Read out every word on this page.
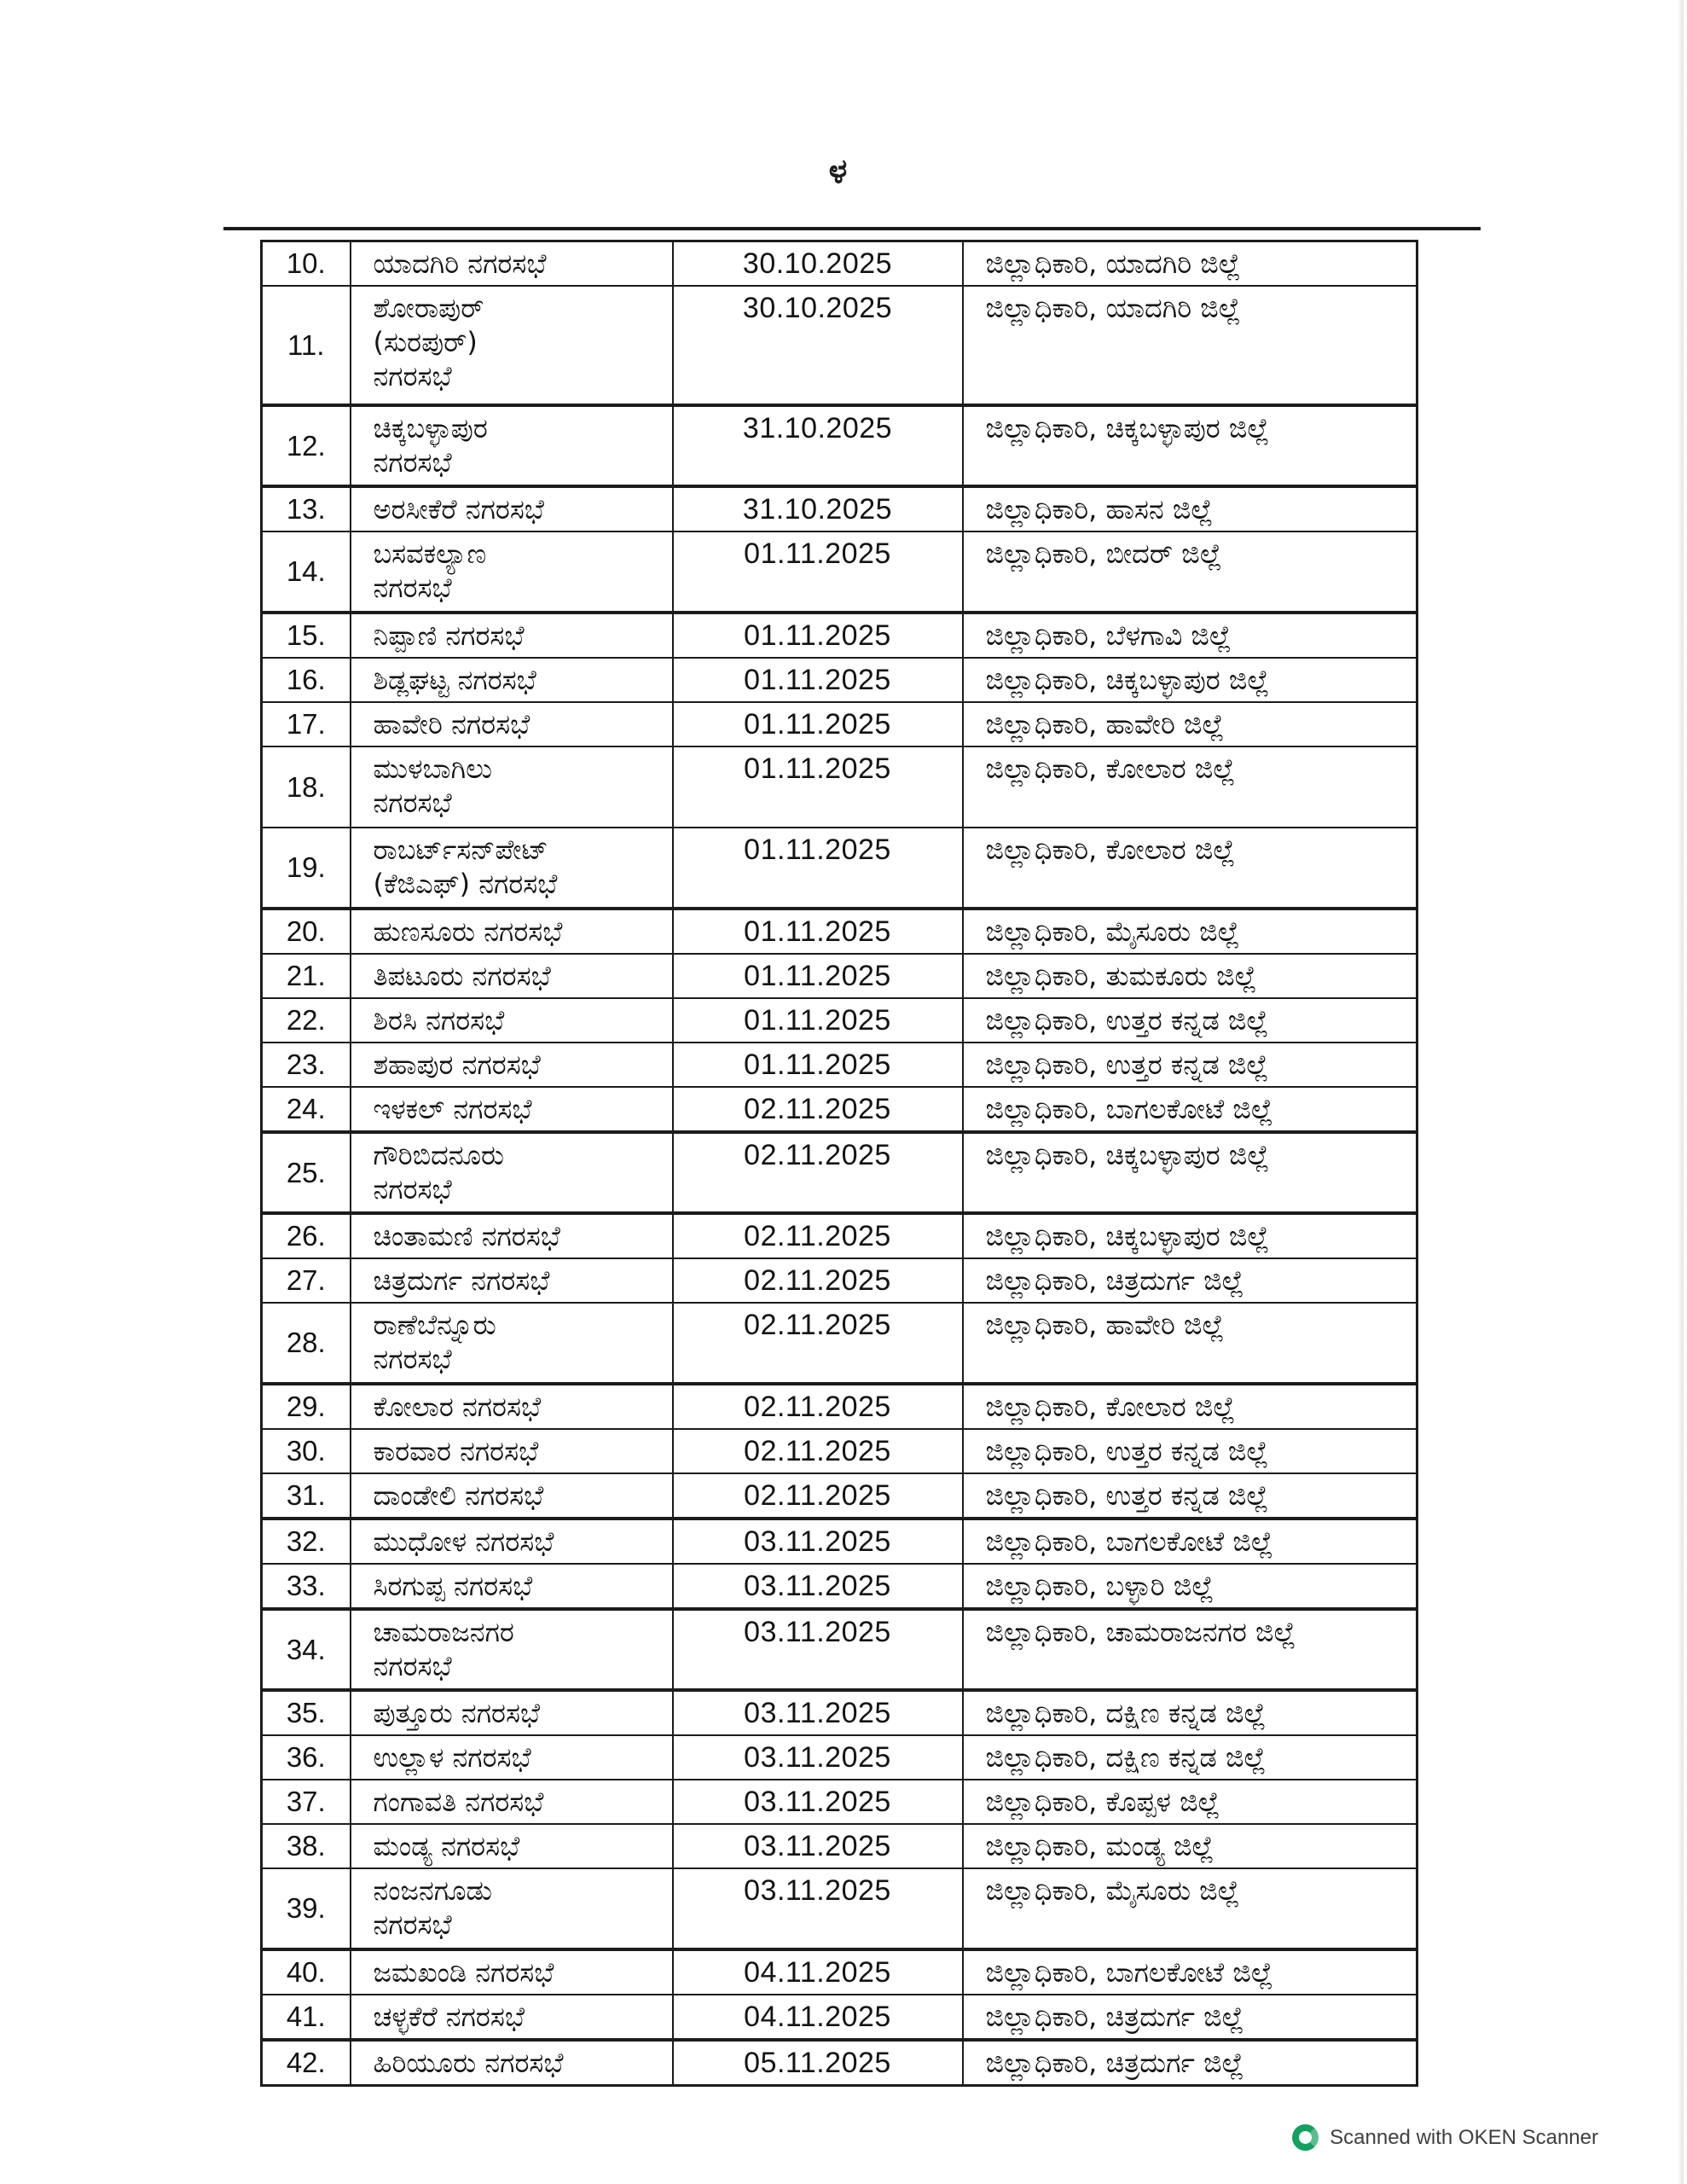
ಳ
10.	ಯಾದಗಿರಿ ನಗರಸಭೆ	30.10.2025	ಜಿಲ್ಲಾಧಿಕಾರಿ, ಯಾದಗಿರಿ ಜಿಲ್ಲೆ
11.	ಶೋರಾಪುರ್
(ಸುರಪುರ್)
ನಗರಸಭೆ	30.10.2025	ಜಿಲ್ಲಾಧಿಕಾರಿ, ಯಾದಗಿರಿ ಜಿಲ್ಲೆ
12.	ಚಿಕ್ಕಬಳ್ಳಾಪುರ
ನಗರಸಭೆ	31.10.2025	ಜಿಲ್ಲಾಧಿಕಾರಿ, ಚಿಕ್ಕಬಳ್ಳಾಪುರ ಜಿಲ್ಲೆ
13.	ಅರಸೀಕೆರೆ ನಗರಸಭೆ	31.10.2025	ಜಿಲ್ಲಾಧಿಕಾರಿ, ಹಾಸನ ಜಿಲ್ಲೆ
14.	ಬಸವಕಲ್ಯಾಣ
ನಗರಸಭೆ	01.11.2025	ಜಿಲ್ಲಾಧಿಕಾರಿ, ಬೀದರ್ ಜಿಲ್ಲೆ
15.	ನಿಪ್ಪಾಣಿ ನಗರಸಭೆ	01.11.2025	ಜಿಲ್ಲಾಧಿಕಾರಿ, ಬೆಳಗಾವಿ ಜಿಲ್ಲೆ
16.	ಶಿಡ್ಲಘಟ್ಟ ನಗರಸಭೆ	01.11.2025	ಜಿಲ್ಲಾಧಿಕಾರಿ, ಚಿಕ್ಕಬಳ್ಳಾಪುರ ಜಿಲ್ಲೆ
17.	ಹಾವೇರಿ ನಗರಸಭೆ	01.11.2025	ಜಿಲ್ಲಾಧಿಕಾರಿ, ಹಾವೇರಿ ಜಿಲ್ಲೆ
18.	ಮುಳಬಾಗಿಲು
ನಗರಸಭೆ	01.11.2025	ಜಿಲ್ಲಾಧಿಕಾರಿ, ಕೋಲಾರ ಜಿಲ್ಲೆ
19.	ರಾಬರ್ಟ್‌ಸನ್‌ಪೇಟ್
(ಕೆಜಿಎಫ್) ನಗರಸಭೆ	01.11.2025	ಜಿಲ್ಲಾಧಿಕಾರಿ, ಕೋಲಾರ ಜಿಲ್ಲೆ
20.	ಹುಣಸೂರು ನಗರಸಭೆ	01.11.2025	ಜಿಲ್ಲಾಧಿಕಾರಿ, ಮೈಸೂರು ಜಿಲ್ಲೆ
21.	ತಿಪಟೂರು ನಗರಸಭೆ	01.11.2025	ಜಿಲ್ಲಾಧಿಕಾರಿ, ತುಮಕೂರು ಜಿಲ್ಲೆ
22.	ಶಿರಸಿ ನಗರಸಭೆ	01.11.2025	ಜಿಲ್ಲಾಧಿಕಾರಿ, ಉತ್ತರ ಕನ್ನಡ ಜಿಲ್ಲೆ
23.	ಶಹಾಪುರ ನಗರಸಭೆ	01.11.2025	ಜಿಲ್ಲಾಧಿಕಾರಿ, ಉತ್ತರ ಕನ್ನಡ ಜಿಲ್ಲೆ
24.	ಇಳಕಲ್ ನಗರಸಭೆ	02.11.2025	ಜಿಲ್ಲಾಧಿಕಾರಿ, ಬಾಗಲಕೋಟೆ ಜಿಲ್ಲೆ
25.	ಗೌರಿಬಿದನೂರು
ನಗರಸಭೆ	02.11.2025	ಜಿಲ್ಲಾಧಿಕಾರಿ, ಚಿಕ್ಕಬಳ್ಳಾಪುರ ಜಿಲ್ಲೆ
26.	ಚಿಂತಾಮಣಿ ನಗರಸಭೆ	02.11.2025	ಜಿಲ್ಲಾಧಿಕಾರಿ, ಚಿಕ್ಕಬಳ್ಳಾಪುರ ಜಿಲ್ಲೆ
27.	ಚಿತ್ರದುರ್ಗ ನಗರಸಭೆ	02.11.2025	ಜಿಲ್ಲಾಧಿಕಾರಿ, ಚಿತ್ರದುರ್ಗ ಜಿಲ್ಲೆ
28.	ರಾಣೆಬೆನ್ನೂರು
ನಗರಸಭೆ	02.11.2025	ಜಿಲ್ಲಾಧಿಕಾರಿ, ಹಾವೇರಿ ಜಿಲ್ಲೆ
29.	ಕೋಲಾರ ನಗರಸಭೆ	02.11.2025	ಜಿಲ್ಲಾಧಿಕಾರಿ, ಕೋಲಾರ ಜಿಲ್ಲೆ
30.	ಕಾರವಾರ ನಗರಸಭೆ	02.11.2025	ಜಿಲ್ಲಾಧಿಕಾರಿ, ಉತ್ತರ ಕನ್ನಡ ಜಿಲ್ಲೆ
31.	ದಾಂಡೇಲಿ ನಗರಸಭೆ	02.11.2025	ಜಿಲ್ಲಾಧಿಕಾರಿ, ಉತ್ತರ ಕನ್ನಡ ಜಿಲ್ಲೆ
32.	ಮುಧೋಳ ನಗರಸಭೆ	03.11.2025	ಜಿಲ್ಲಾಧಿಕಾರಿ, ಬಾಗಲಕೋಟೆ ಜಿಲ್ಲೆ
33.	ಸಿರಗುಪ್ಪ ನಗರಸಭೆ	03.11.2025	ಜಿಲ್ಲಾಧಿಕಾರಿ, ಬಳ್ಳಾರಿ ಜಿಲ್ಲೆ
34.	ಚಾಮರಾಜನಗರ
ನಗರಸಭೆ	03.11.2025	ಜಿಲ್ಲಾಧಿಕಾರಿ, ಚಾಮರಾಜನಗರ ಜಿಲ್ಲೆ
35.	ಪುತ್ತೂರು ನಗರಸಭೆ	03.11.2025	ಜಿಲ್ಲಾಧಿಕಾರಿ, ದಕ್ಷಿಣ ಕನ್ನಡ ಜಿಲ್ಲೆ
36.	ಉಲ್ಲಾಳ ನಗರಸಭೆ	03.11.2025	ಜಿಲ್ಲಾಧಿಕಾರಿ, ದಕ್ಷಿಣ ಕನ್ನಡ ಜಿಲ್ಲೆ
37.	ಗಂಗಾವತಿ ನಗರಸಭೆ	03.11.2025	ಜಿಲ್ಲಾಧಿಕಾರಿ, ಕೊಪ್ಪಳ ಜಿಲ್ಲೆ
38.	ಮಂಡ್ಯ ನಗರಸಭೆ	03.11.2025	ಜಿಲ್ಲಾಧಿಕಾರಿ, ಮಂಡ್ಯ ಜಿಲ್ಲೆ
39.	ನಂಜನಗೂಡು
ನಗರಸಭೆ	03.11.2025	ಜಿಲ್ಲಾಧಿಕಾರಿ, ಮೈಸೂರು ಜಿಲ್ಲೆ
40.	ಜಮಖಂಡಿ ನಗರಸಭೆ	04.11.2025	ಜಿಲ್ಲಾಧಿಕಾರಿ, ಬಾಗಲಕೋಟೆ ಜಿಲ್ಲೆ
41.	ಚಳ್ಳಕೆರೆ ನಗರಸಭೆ	04.11.2025	ಜಿಲ್ಲಾಧಿಕಾರಿ, ಚಿತ್ರದುರ್ಗ ಜಿಲ್ಲೆ
42.	ಹಿರಿಯೂರು ನಗರಸಭೆ	05.11.2025	ಜಿಲ್ಲಾಧಿಕಾರಿ, ಚಿತ್ರದುರ್ಗ ಜಿಲ್ಲೆ
Scanned with OKEN Scanner
